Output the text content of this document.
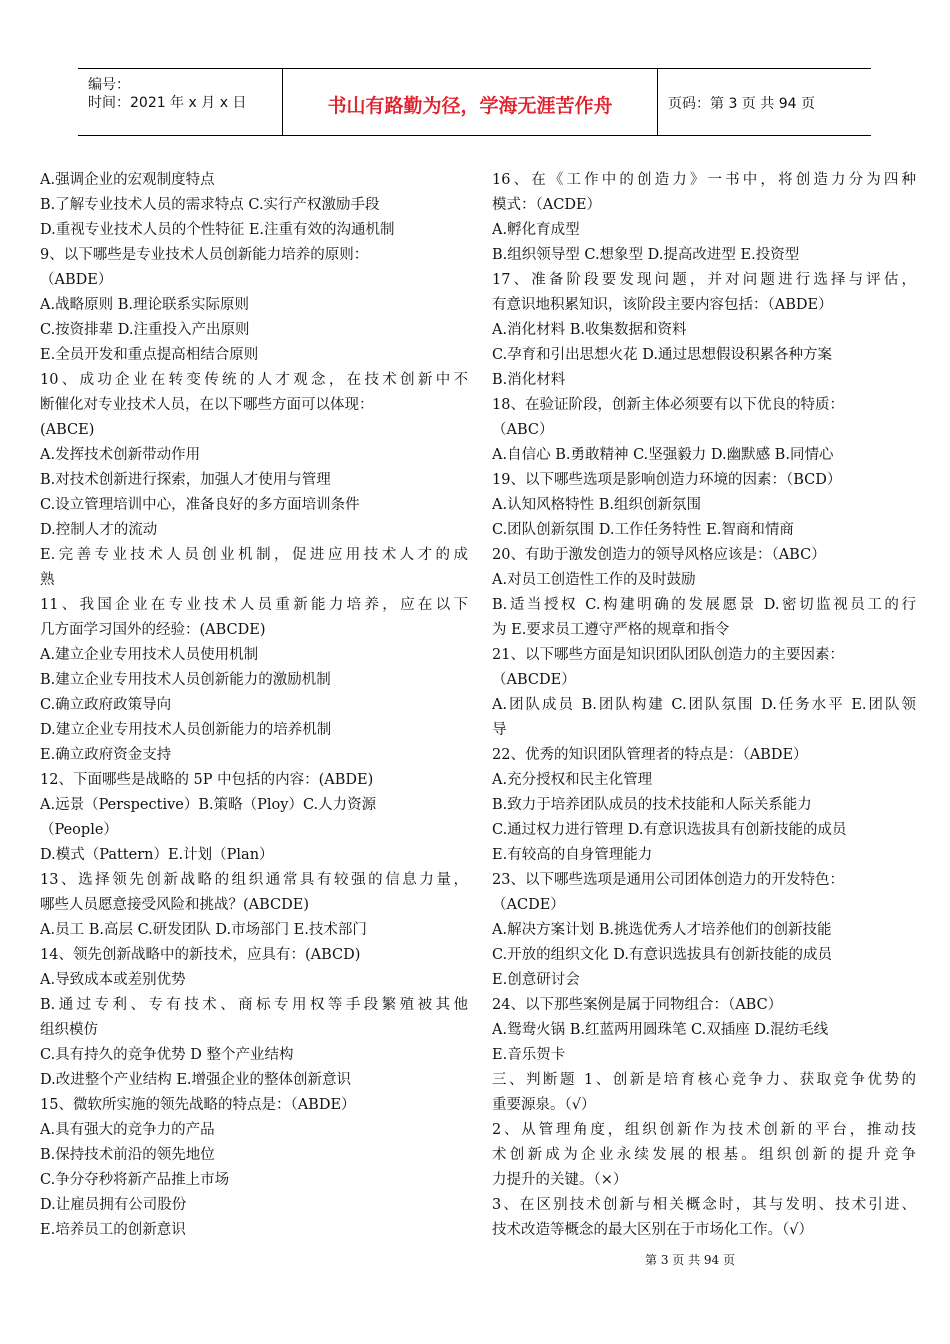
编号：
时间：2021 年 x 月 x 日	书山有路勤为径，学海无涯苦作舟	页码：第 3 页 共 94 页
A.强调企业的宏观制度特点
B.了解专业技术人员的需求特点 C.实行产权激励手段
D.重视专业技术人员的个性特征 E.注重有效的沟通机制
9、以下哪些是专业技术人员创新能力培养的原则：
（ABDE）
A.战略原则 B.理论联系实际原则
C.按资排辈 D.注重投入产出原则
E.全员开发和重点提高相结合原则
10、成功企业在转变传统的人才观念，在技术创新中不
断催化对专业技术人员，在以下哪些方面可以体现：
(ABCE)
A.发挥技术创新带动作用
B.对技术创新进行探索，加强人才使用与管理
C.设立管理培训中心，准备良好的多方面培训条件
D.控制人才的流动
E.完善专业技术人员创业机制，促进应用技术人才的成
熟
11、我国企业在专业技术人员重新能力培养，应在以下
几方面学习国外的经验：(ABCDE)
A.建立企业专用技术人员使用机制
B.建立企业专用技术人员创新能力的激励机制
C.确立政府政策导向
D.建立企业专用技术人员创新能力的培养机制
E.确立政府资金支持
12、下面哪些是战略的 5P 中包括的内容：(ABDE)
A.远景（Perspective）B.策略（Ploy）C.人力资源
（People）
D.模式（Pattern）E.计划（Plan）
13、选择领先创新战略的组织通常具有较强的信息力量，
哪些人员愿意接受风险和挑战？(ABCDE)
A.员工 B.高层 C.研发团队 D.市场部门 E.技术部门
14、领先创新战略中的新技术，应具有：(ABCD)
A.导致成本或差别优势
B.通过专利、专有技术、商标专用权等手段繁殖被其他
组织模仿
C.具有持久的竞争优势 D 整个产业结构
D.改进整个产业结构 E.增强企业的整体创新意识
15、微软所实施的领先战略的特点是：（ABDE）
A.具有强大的竞争力的产品
B.保持技术前沿的领先地位
C.争分夺秒将新产品推上市场
D.让雇员拥有公司股份
E.培养员工的创新意识
16、在《工作中的创造力》一书中，将创造力分为四种
模式：（ACDE）
A.孵化育成型
B.组织领导型 C.想象型 D.提高改进型 E.投资型
17、准备阶段要发现问题，并对问题进行选择与评估，
有意识地积累知识，该阶段主要内容包括：（ABDE）
A.消化材料 B.收集数据和资料
C.孕育和引出思想火花 D.通过思想假设积累各种方案
B.消化材料
18、在验证阶段，创新主体必须要有以下优良的特质：
（ABC）
A.自信心 B.勇敢精神 C.坚强毅力 D.幽默感 B.同情心
19、以下哪些选项是影响创造力环境的因素：（BCD）
A.认知风格特性 B.组织创新氛围
C.团队创新氛围 D.工作任务特性 E.智商和情商
20、有助于激发创造力的领导风格应该是：（ABC）
A.对员工创造性工作的及时鼓励
B.适当授权 C.构建明确的发展愿景 D.密切监视员工的行
为 E.要求员工遵守严格的规章和指令
21、以下哪些方面是知识团队团队创造力的主要因素：
（ABCDE）
A.团队成员 B.团队构建 C.团队氛围 D.任务水平 E.团队领
导
22、优秀的知识团队管理者的特点是：（ABDE）
A.充分授权和民主化管理
B.致力于培养团队成员的技术技能和人际关系能力
C.通过权力进行管理 D.有意识选拔具有创新技能的成员
E.有较高的自身管理能力
23、以下哪些选项是通用公司团体创造力的开发特色：
（ACDE）
A.解决方案计划 B.挑选优秀人才培养他们的创新技能
C.开放的组织文化 D.有意识选拔具有创新技能的成员
E.创意研讨会
24、以下那些案例是属于同物组合：（ABC）
A.鸳鸯火锅 B.红蓝两用圆珠笔 C.双插座 D.混纺毛线
E.音乐贺卡
三、判断题 1、创新是培育核心竞争力、获取竞争优势的
重要源泉。（√）
2、从管理角度，组织创新作为技术创新的平台，推动技
术创新成为企业永续发展的根基。组织创新的提升竞争
力提升的关键。（×）
3、在区别技术创新与相关概念时，其与发明、技术引进、
技术改造等概念的最大区别在于市场化工作。（√）
第 3 页 共 94 页
